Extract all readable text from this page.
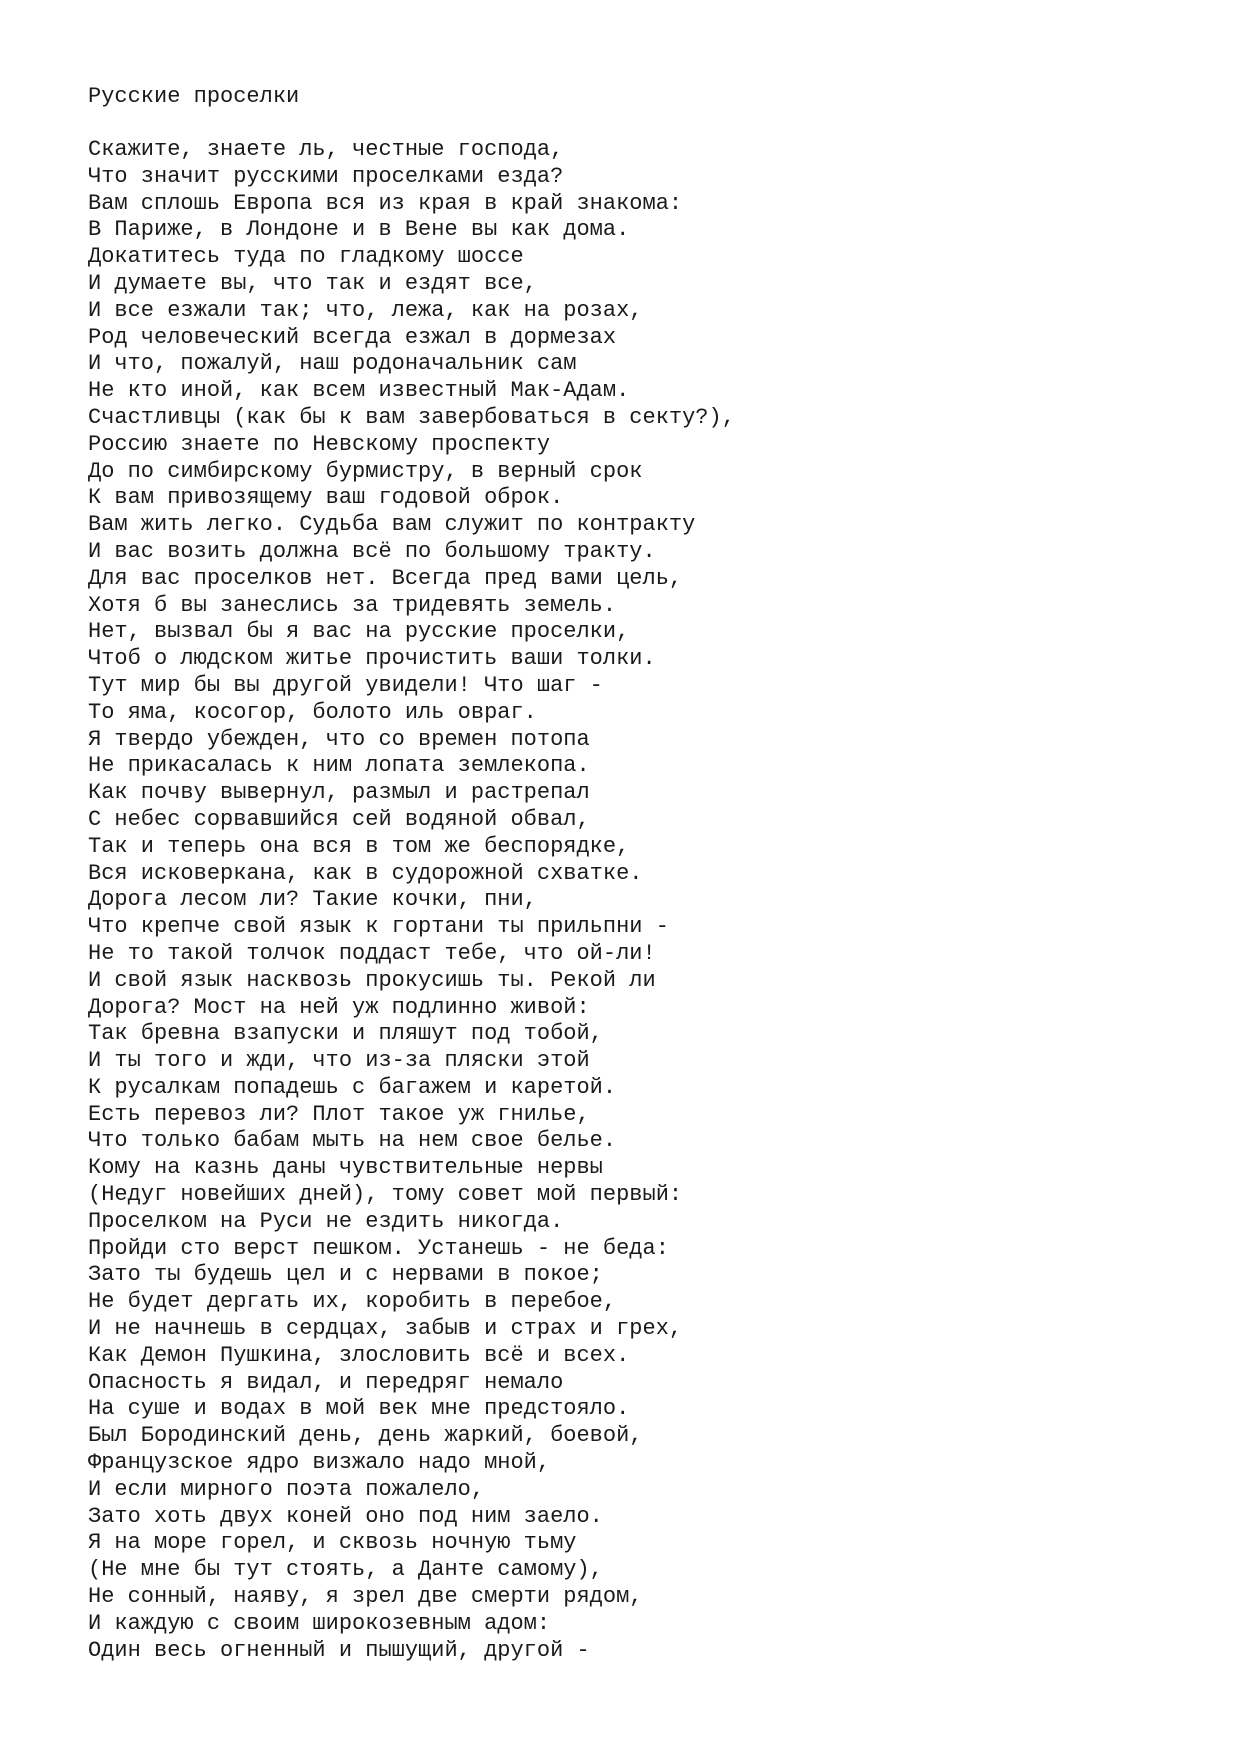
Русские проселки
Скажите, знаете ль, честные господа,
Что значит русскими проселками езда?
Вам сплошь Европа вся из края в край знакома:
В Париже, в Лондоне и в Вене вы как дома.
Докатитесь туда по гладкому шоссе
И думаете вы, что так и ездят все,
И все езжали так; что, лежа, как на розах,
Род человеческий всегда езжал в дормезах
И что, пожалуй, наш родоначальник сам
Не кто иной, как всем известный Мак-Адам.
Счастливцы (как бы к вам завербоваться в секту?),
Россию знаете по Невскому проспекту
До по симбирскому бурмистру, в верный срок
К вам привозящему ваш годовой оброк.
Вам жить легко. Судьба вам служит по контракту
И вас возить должна всё по большому тракту.
Для вас проселков нет. Всегда пред вами цель,
Хотя б вы занеслись за тридевять земель.
Нет, вызвал бы я вас на русские проселки,
Чтоб о людском житье прочистить ваши толки.
Тут мир бы вы другой увидели! Что шаг -
То яма, косогор, болото иль овраг.
Я твердо убежден, что со времен потопа
Не прикасалась к ним лопата землекопа.
Как почву вывернул, размыл и растрепал
С небес сорвавшийся сей водяной обвал,
Так и теперь она вся в том же беспорядке,
Вся исковеркана, как в судорожной схватке.
Дорога лесом ли? Такие кочки, пни,
Что крепче свой язык к гортани ты прильпни -
Не то такой толчок поддаст тебе, что ой-ли!
И свой язык насквозь прокусишь ты. Рекой ли
Дорога? Мост на ней уж подлинно живой:
Так бревна взапуски и пляшут под тобой,
И ты того и жди, что из-за пляски этой
К русалкам попадешь с багажем и каретой.
Есть перевоз ли? Плот такое уж гнилье,
Что только бабам мыть на нем свое белье.
Кому на казнь даны чувствительные нервы
(Недуг новейших дней), тому совет мой первый:
Проселком на Руси не ездить никогда.
Пройди сто верст пешком. Устанешь - не беда:
Зато ты будешь цел и с нервами в покое;
Не будет дергать их, коробить в перебое,
И не начнешь в сердцах, забыв и страх и грех,
Как Демон Пушкина, злословить всё и всех.
Опасность я видал, и передряг немало
На суше и водах в мой век мне предстояло.
Был Бородинский день, день жаркий, боевой,
Французское ядро визжало надо мной,
И если мирного поэта пожалело,
Зато хоть двух коней оно под ним заело.
Я на море горел, и сквозь ночную тьму
(Не мне бы тут стоять, а Данте самому),
Не сонный, наяву, я зрел две смерти рядом,
И каждую с своим широкозевным адом:
Один весь огненный и пышущий, другой -
